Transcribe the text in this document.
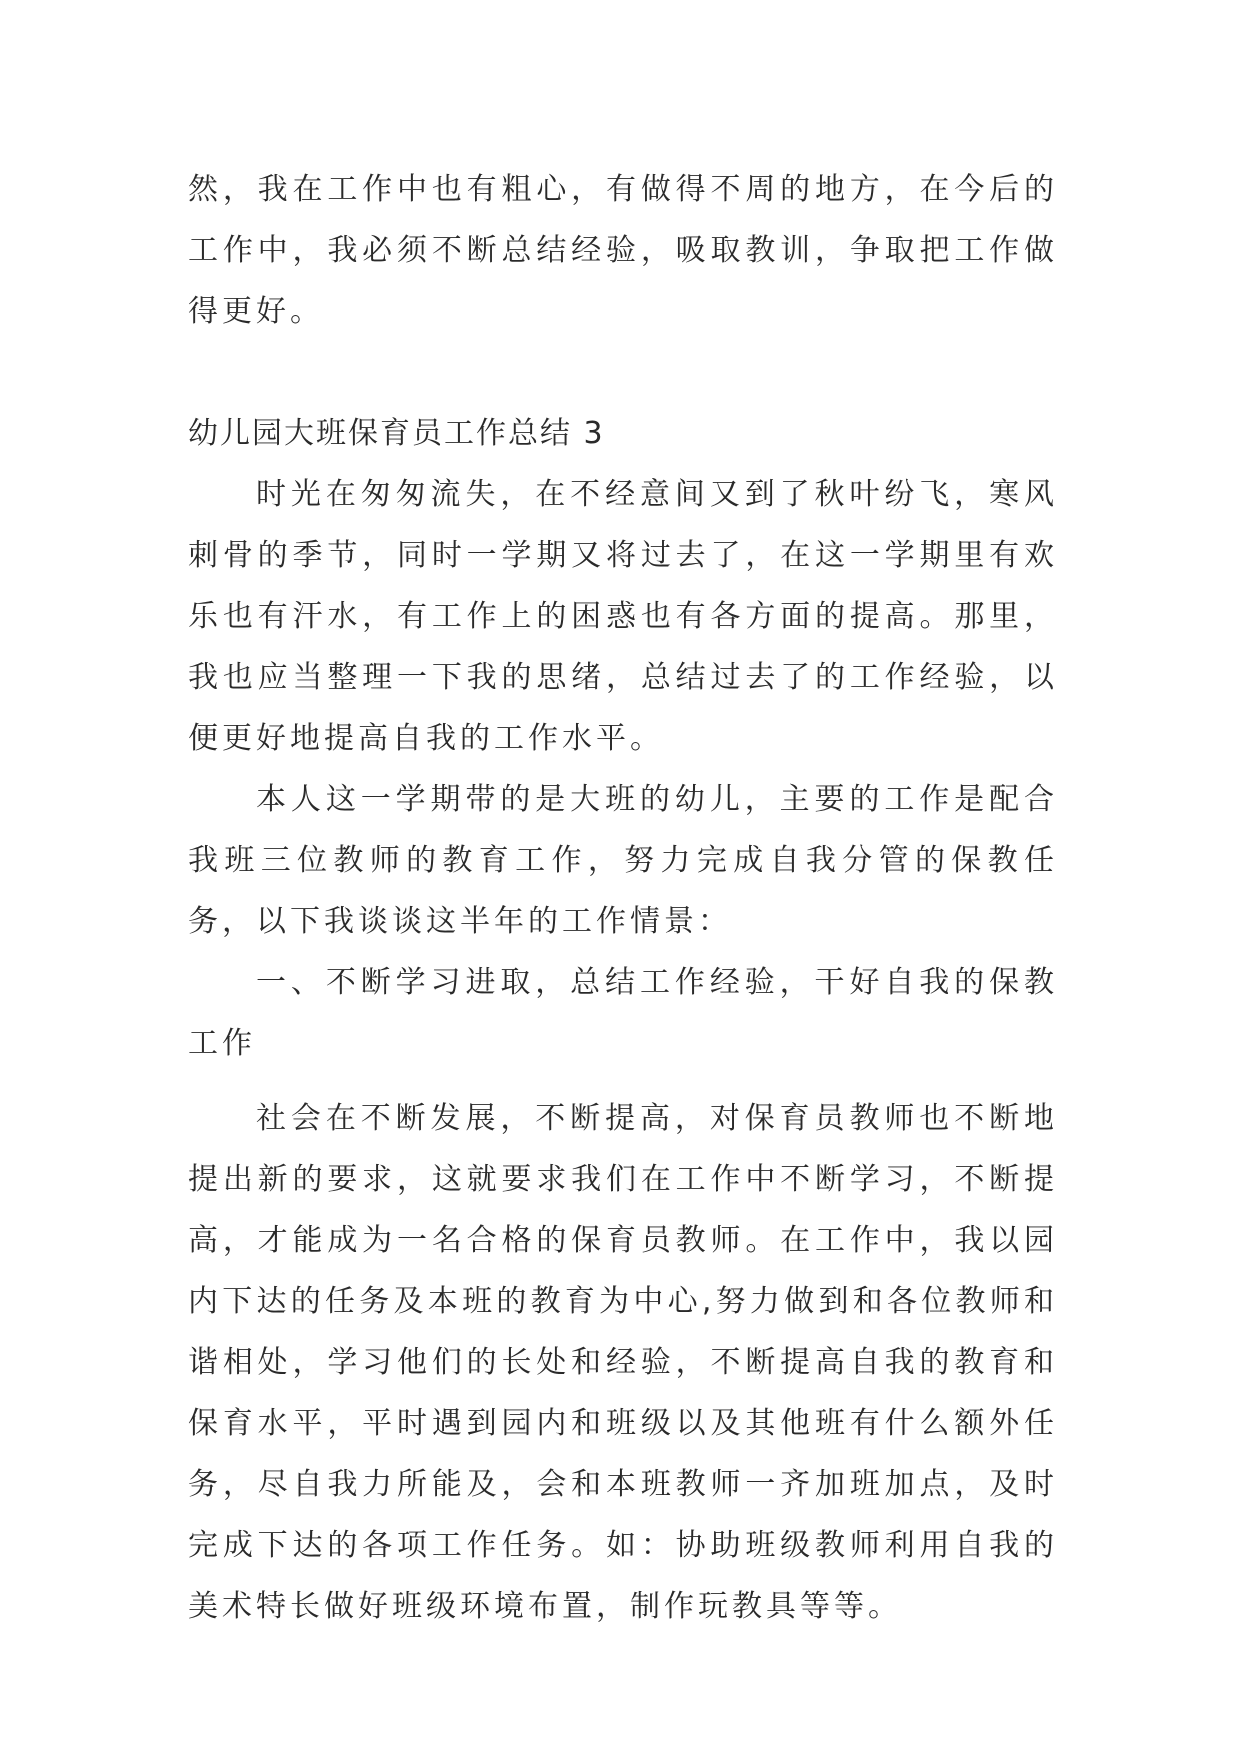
然，我在工作中也有粗心，有做得不周的地方，在今后的工作中，我必须不断总结经验，吸取教训，争取把工作做得更好。

幼儿园大班保育员工作总结 3

时光在匆匆流失，在不经意间又到了秋叶纷飞，寒风刺骨的季节，同时一学期又将过去了，在这一学期里有欢乐也有汗水，有工作上的困惑也有各方面的提高。那里，我也应当整理一下我的思绪，总结过去了的工作经验，以便更好地提高自我的工作水平。

本人这一学期带的是大班的幼儿，主要的工作是配合我班三位教师的教育工作，努力完成自我分管的保教任务，以下我谈谈这半年的工作情景：

一、不断学习进取，总结工作经验，干好自我的保教工作

社会在不断发展，不断提高，对保育员教师也不断地提出新的要求，这就要求我们在工作中不断学习，不断提高，才能成为一名合格的保育员教师。在工作中，我以园内下达的任务及本班的教育为中心,努力做到和各位教师和谐相处，学习他们的长处和经验，不断提高自我的教育和保育水平，平时遇到园内和班级以及其他班有什么额外任务，尽自我力所能及，会和本班教师一齐加班加点，及时完成下达的各项工作任务。如：协助班级教师利用自我的美术特长做好班级环境布置，制作玩教具等等。
